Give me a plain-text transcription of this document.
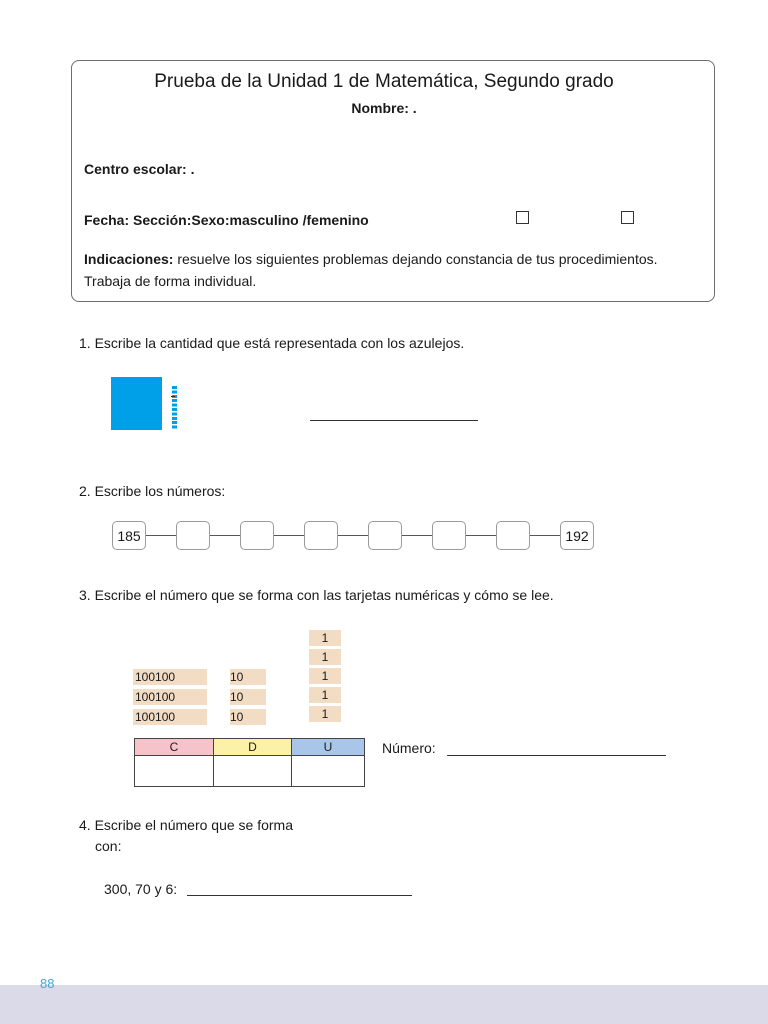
Prueba de la Unidad 1 de Matemática, Segundo grado
Nombre: .
Centro escolar: .
Fecha: Sección:Sexo:masculino /femenino
Indicaciones: resuelve los siguientes problemas dejando constancia de tus procedimientos.
Trabaja de forma individual.
1. Escribe la cantidad que está representada con los azulejos.
2. Escribe los números:
185	192
3. Escribe el número que se forma con las tarjetas numéricas y cómo se lee.
100100
100100
100100
10
10
10
1
1
1
1
1
C	D	U
			Número:
4. Escribe el número que se forma
con:
300, 70 y 6:
88
